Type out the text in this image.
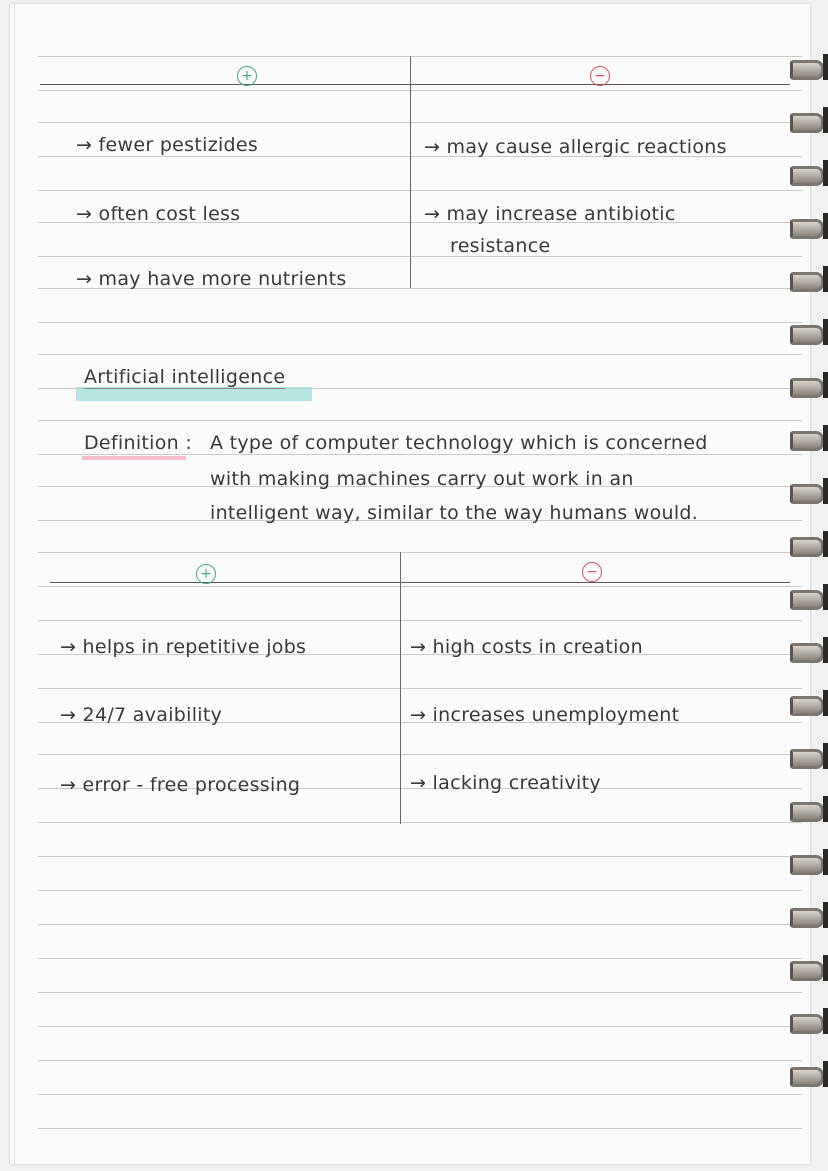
+	−
→ fewer pestizides
→ often cost less
→ may have more nutrients
→ may cause allergic reactions
→ may increase antibiotic
resistance
Artificial intelligence
Definition : A type of computer technology which is concerned
with making machines carry out work in an
intelligent way, similar to the way humans would.
+	−
→ helps in repetitive jobs
→ 24/7 avaibility
→ error - free processing
→ high costs in creation
→ increases unemployment
→ lacking creativity
